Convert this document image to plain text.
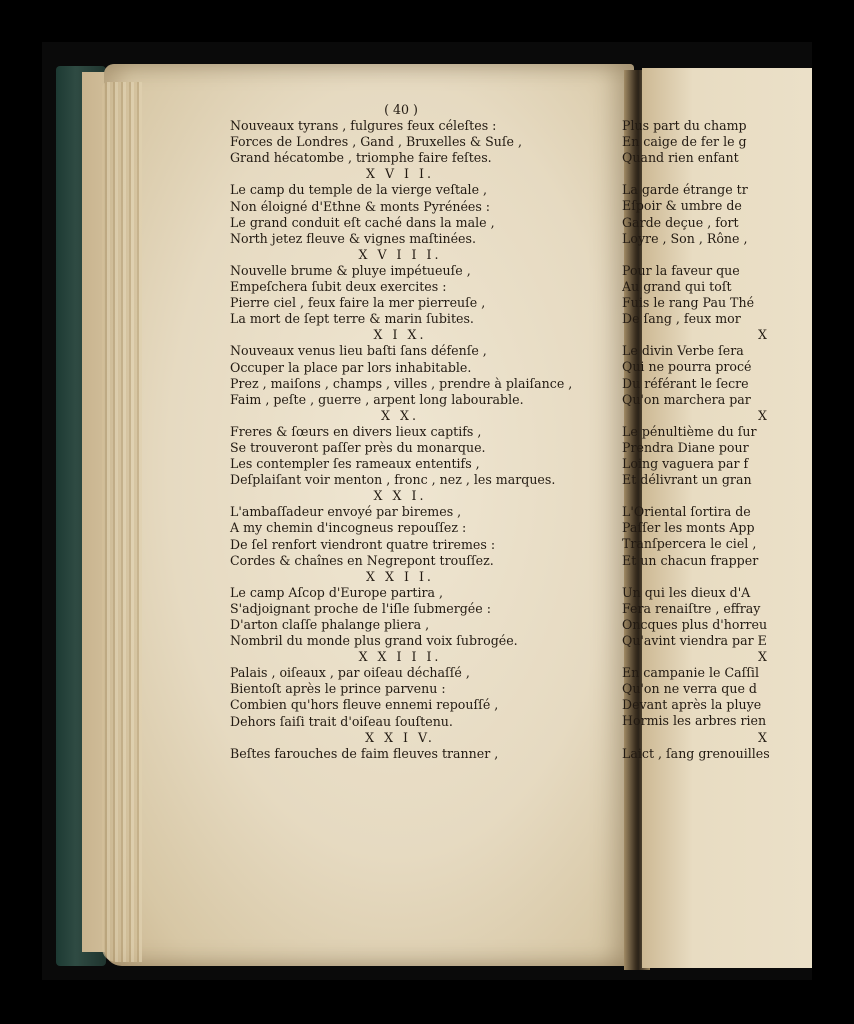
( 40 )
Nouveaux tyrans , fulgures feux céleſtes :
Forces de Londres , Gand , Bruxelles & Suſe ,
Grand hécatombe , triomphe faire feſtes.
X V I I.
Le camp du temple de la vierge veſtale ,
Non éloigné d'Ethne & monts Pyrénées :
Le grand conduit eſt caché dans la male ,
North jetez fleuve & vignes maſtinées.
X V I I I.
Nouvelle brume & pluye impétueuſe ,
Empeſchera ſubit deux exercites :
Pierre ciel , feux faire la mer pierreuſe ,
La mort de ſept terre & marin ſubites.
X I X.
Nouveaux venus lieu baſti ſans défenſe ,
Occuper la place par lors inhabitable.
Prez , maiſons , champs , villes , prendre à plaiſance ,
Faim , peſte , guerre , arpent long labourable.
X X.
Freres & ſœurs en divers lieux captifs ,
Se trouveront paſſer près du monarque.
Les contempler ſes rameaux ententifs ,
Deſplaiſant voir menton , fronc , nez , les marques.
X X I.
L'ambaſſadeur envoyé par biremes ,
A my chemin d'incogneus repouſſez :
De ſel renfort viendront quatre triremes :
Cordes & chaînes en Negrepont trouſſez.
X X I I.
Le camp Aſcop d'Europe partira ,
S'adjoignant proche de l'iſle ſubmergée :
D'arton claſſe phalange pliera ,
Nombril du monde plus grand voix ſubrogée.
X X I I I.
Palais , oiſeaux , par oiſeau déchaſſé ,
Bientoſt après le prince parvenu :
Combien qu'hors fleuve ennemi repouſſé ,
Dehors ſaiſi trait d'oiſeau ſouſtenu.
X X I V.
Beſtes farouches de faim fleuves tranner ,
Plus part du champ
En caige de fer le g
Quand rien enfant
La garde étrange tr
Eſpoir & umbre de
Garde deçue , fort
Loyre , Son , Rône ,
Pour la faveur que
Au grand qui toſt
Fuis le rang Pau Thé
De ſang , feux mor
X
Le divin Verbe ſera
Qui ne pourra procé
Du référant le ſecre
Qu'on marchera par
X
Le pénultième du ſur
Prendra Diane pour
Loing vaguera par f
Et délivrant un gran
L'Oriental ſortira de
Paſſer les monts App
Tranſpercera le ciel ,
Et un chacun frapper
Un qui les dieux d'A
Fera renaiſtre , effray
Oncques plus d'horreu
Qu'avint viendra par E
X
En campanie le Caſſil
Qu'on ne verra que d
Devant après la pluye
Hormis les arbres rien
X
Laict , ſang grenouilles
